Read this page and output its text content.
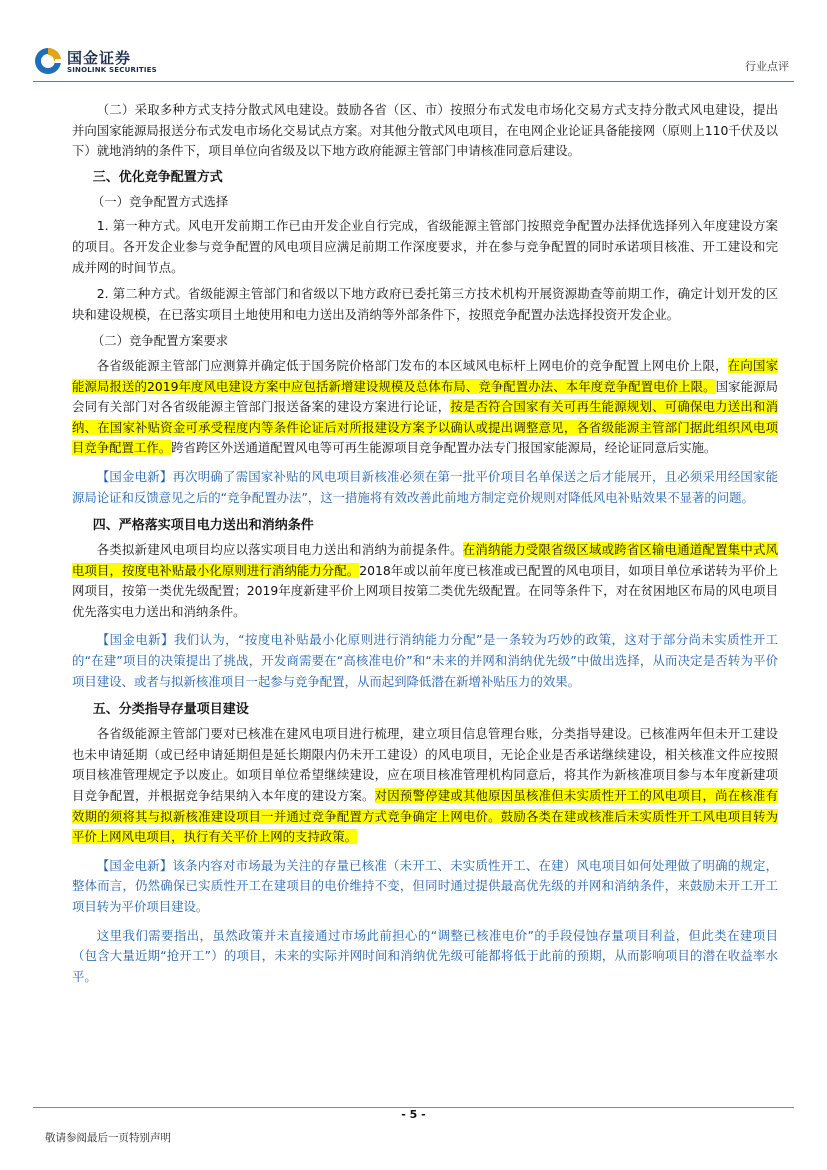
国金证券
SINOLINK SECURITIES	行业点评

（二）采取多种方式支持分散式风电建设。鼓励各省（区、市）按照分布式发电市场化交易方式支持分散式风电建设，提出并向国家能源局报送分布式发电市场化交易试点方案。对其他分散式风电项目，在电网企业论证具备能接网（原则上110千伏及以下）就地消纳的条件下，项目单位向省级及以下地方政府能源主管部门申请核准同意后建设。

三、优化竞争配置方式

（一）竞争配置方式选择

1. 第一种方式。风电开发前期工作已由开发企业自行完成，省级能源主管部门按照竞争配置办法择优选择列入年度建设方案的项目。各开发企业参与竞争配置的风电项目应满足前期工作深度要求，并在参与竞争配置的同时承诺项目核准、开工建设和完成并网的时间节点。

2. 第二种方式。省级能源主管部门和省级以下地方政府已委托第三方技术机构开展资源勘查等前期工作，确定计划开发的区块和建设规模，在已落实项目土地使用和电力送出及消纳等外部条件下，按照竞争配置办法选择投资开发企业。

（二）竞争配置方案要求

各省级能源主管部门应测算并确定低于国务院价格部门发布的本区域风电标杆上网电价的竞争配置上网电价上限，在向国家能源局报送的2019年度风电建设方案中应包括新增建设规模及总体布局、竞争配置办法、本年度竞争配置电价上限。国家能源局会同有关部门对各省级能源主管部门报送备案的建设方案进行论证，按是否符合国家有关可再生能源规划、可确保电力送出和消纳、在国家补贴资金可承受程度内等条件论证后对所报建设方案予以确认或提出调整意见，各省级能源主管部门据此组织风电项目竞争配置工作。跨省跨区外送通道配置风电等可再生能源项目竞争配置办法专门报国家能源局，经论证同意后实施。

【国金电新】再次明确了需国家补贴的风电项目新核准必须在第一批平价项目名单保送之后才能展开，且必须采用经国家能源局论证和反馈意见之后的“竞争配置办法”，这一措施将有效改善此前地方制定竞价规则对降低风电补贴效果不显著的问题。

四、严格落实项目电力送出和消纳条件

各类拟新建风电项目均应以落实项目电力送出和消纳为前提条件。在消纳能力受限省级区域或跨省区输电通道配置集中式风电项目，按度电补贴最小化原则进行消纳能力分配。2018年或以前年度已核准或已配置的风电项目，如项目单位承诺转为平价上网项目，按第一类优先级配置；2019年度新建平价上网项目按第二类优先级配置。在同等条件下，对在贫困地区布局的风电项目优先落实电力送出和消纳条件。

【国金电新】我们认为，“按度电补贴最小化原则进行消纳能力分配”是一条较为巧妙的政策，这对于部分尚未实质性开工的“在建”项目的决策提出了挑战，开发商需要在“高核准电价”和“未来的并网和消纳优先级”中做出选择，从而决定是否转为平价项目建设、或者与拟新核准项目一起参与竞争配置，从而起到降低潜在新增补贴压力的效果。

五、分类指导存量项目建设

各省级能源主管部门要对已核准在建风电项目进行梳理，建立项目信息管理台账，分类指导建设。已核准两年但未开工建设也未申请延期（或已经申请延期但是延长期限内仍未开工建设）的风电项目，无论企业是否承诺继续建设，相关核准文件应按照项目核准管理规定予以废止。如项目单位希望继续建设，应在项目核准管理机构同意后，将其作为新核准项目参与本年度新建项目竞争配置，并根据竞争结果纳入本年度的建设方案。对因预警停建或其他原因虽核准但未实质性开工的风电项目，尚在核准有效期的须将其与拟新核准建设项目一并通过竞争配置方式竞争确定上网电价。鼓励各类在建或核准后未实质性开工风电项目转为平价上网风电项目，执行有关平价上网的支持政策。

【国金电新】该条内容对市场最为关注的存量已核准（未开工、未实质性开工、在建）风电项目如何处理做了明确的规定，整体而言，仍然确保已实质性开工在建项目的电价维持不变，但同时通过提供最高优先级的并网和消纳条件，来鼓励未开工开工项目转为平价项目建设。

这里我们需要指出，虽然政策并未直接通过市场此前担心的“调整已核准电价”的手段侵蚀存量项目利益，但此类在建项目（包含大量近期“抢开工”）的项目，未来的实际并网时间和消纳优先级可能都将低于此前的预期，从而影响项目的潜在收益率水平。

- 5 -
敬请参阅最后一页特别声明
